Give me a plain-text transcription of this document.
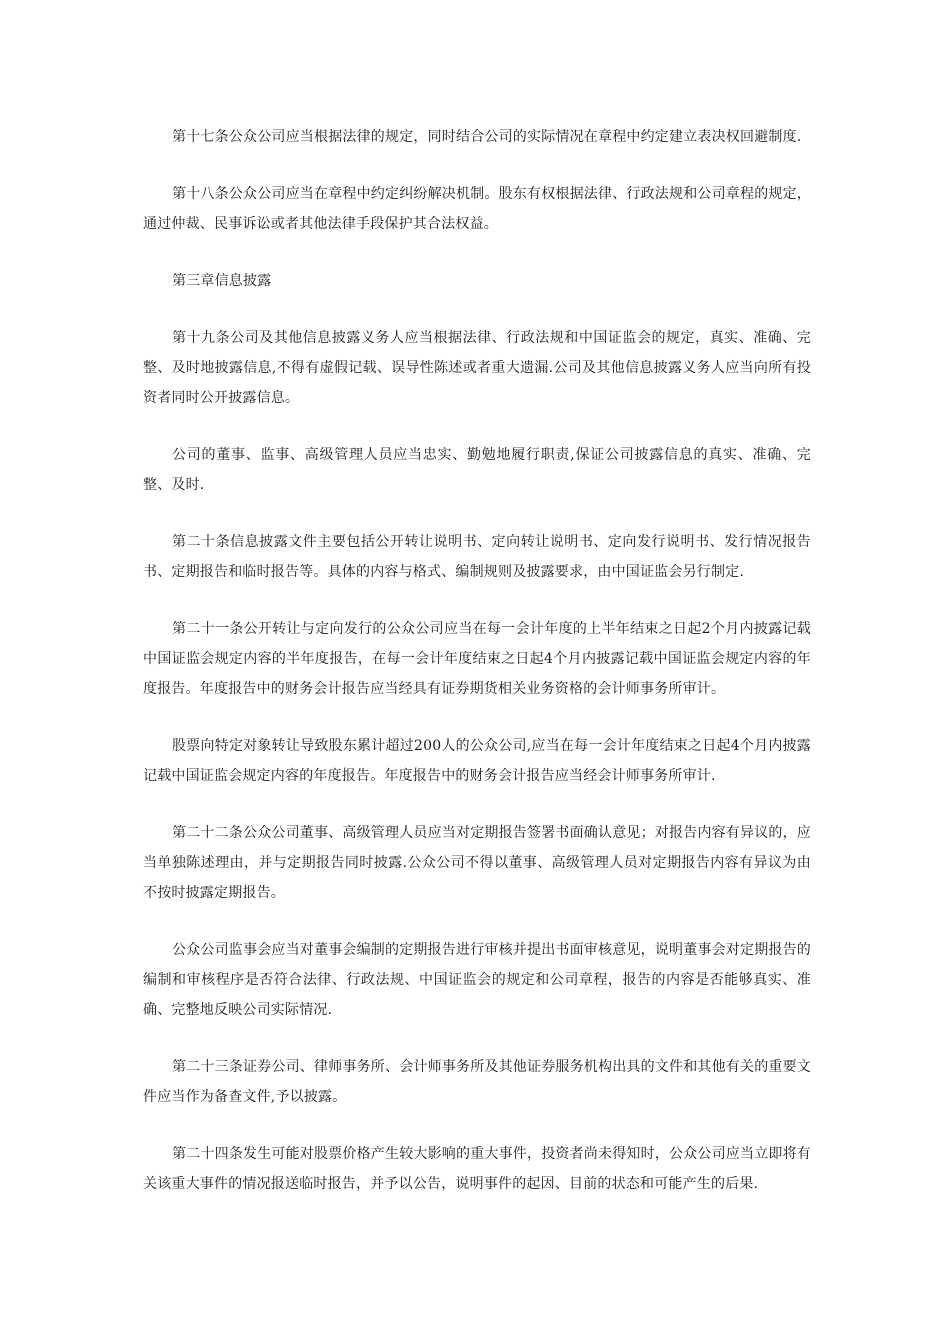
第十七条公众公司应当根据法律的规定，同时结合公司的实际情况在章程中约定建立表决权回避制度.

第十八条公众公司应当在章程中约定纠纷解决机制。股东有权根据法律、行政法规和公司章程的规定，通过仲裁、民事诉讼或者其他法律手段保护其合法权益。

第三章信息披露

第十九条公司及其他信息披露义务人应当根据法律、行政法规和中国证监会的规定，真实、准确、完整、及时地披露信息,不得有虚假记载、误导性陈述或者重大遗漏.公司及其他信息披露义务人应当向所有投资者同时公开披露信息。

公司的董事、监事、高级管理人员应当忠实、勤勉地履行职责,保证公司披露信息的真实、准确、完整、及时.

第二十条信息披露文件主要包括公开转让说明书、定向转让说明书、定向发行说明书、发行情况报告书、定期报告和临时报告等。具体的内容与格式、编制规则及披露要求，由中国证监会另行制定.

第二十一条公开转让与定向发行的公众公司应当在每一会计年度的上半年结束之日起2个月内披露记载中国证监会规定内容的半年度报告，在每一会计年度结束之日起4个月内披露记载中国证监会规定内容的年度报告。年度报告中的财务会计报告应当经具有证券期货相关业务资格的会计师事务所审计。

股票向特定对象转让导致股东累计超过200人的公众公司,应当在每一会计年度结束之日起4个月内披露记载中国证监会规定内容的年度报告。年度报告中的财务会计报告应当经会计师事务所审计.

第二十二条公众公司董事、高级管理人员应当对定期报告签署书面确认意见；对报告内容有异议的，应当单独陈述理由，并与定期报告同时披露.公众公司不得以董事、高级管理人员对定期报告内容有异议为由不按时披露定期报告。

公众公司监事会应当对董事会编制的定期报告进行审核并提出书面审核意见，说明董事会对定期报告的编制和审核程序是否符合法律、行政法规、中国证监会的规定和公司章程，报告的内容是否能够真实、准确、完整地反映公司实际情况.

第二十三条证券公司、律师事务所、会计师事务所及其他证券服务机构出具的文件和其他有关的重要文件应当作为备查文件,予以披露。

第二十四条发生可能对股票价格产生较大影响的重大事件，投资者尚未得知时，公众公司应当立即将有关该重大事件的情况报送临时报告，并予以公告，说明事件的起因、目前的状态和可能产生的后果.
